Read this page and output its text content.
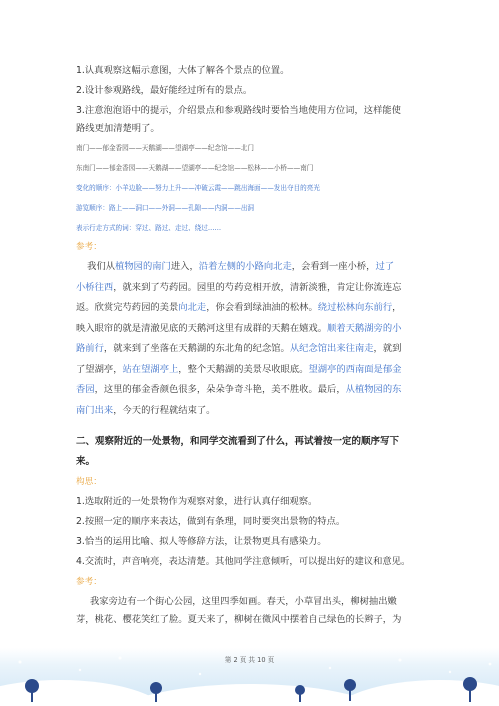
1.认真观察这幅示意图，大体了解各个景点的位置。
2.设计参观路线，最好能经过所有的景点。
3.注意泡泡语中的提示，介绍景点和参观路线时要恰当地使用方位词，这样能使
路线更加清楚明了。
南门——郁金香园——天鹅湖——望湖亭——纪念馆——北门
东南门——郁金香园——天鹅湖——望湖亭——纪念馆——松林——小桥——南门
变化的顺序：小羊边脸——努力上升——冲破云霞——跳出海面——发出夺目的亮光
游览顺序：路上——洞口——外洞——孔隙——内洞——出洞
表示行走方式的词：穿过、路过、走过、绕过……
参考：
我们从植物园的南门进入，沿着左侧的小路向北走，会看到一座小桥，过了
小桥往西，就来到了芍药园。园里的芍药竞相开放，清新淡雅，肯定让你流连忘
返。欣赏完芍药园的美景向北走，你会看到绿油油的松林。绕过松林向东前行，
映入眼帘的就是清澈见底的天鹅河这里有成群的天鹅在嬉戏。顺着天鹅湖旁的小
路前行，就来到了坐落在天鹅湖的东北角的纪念馆。从纪念馆出来往南走，就到
了望湖亭，站在望湖亭上，整个天鹅湖的美景尽收眼底。望湖亭的西南面是郁金
香园，这里的郁金香颜色很多，朵朵争奇斗艳，美不胜收。最后，从植物园的东
南门出来，今天的行程就结束了。
二、观察附近的一处景物，和同学交流看到了什么，再试着按一定的顺序写下
来。
构思：
1.选取附近的一处景物作为观察对象，进行认真仔细观察。
2.按照一定的顺序来表达，做到有条理，同时要突出景物的特点。
3.恰当的运用比喻、拟人等修辞方法，让景物更具有感染力。
4.交流时，声音响亮，表达清楚。其他同学注意倾听，可以提出好的建议和意见。
参考：
我家旁边有一个街心公园，这里四季如画。春天，小草冒出头，柳树抽出嫩
芽，桃花、樱花笑红了脸。夏天来了，柳树在微风中摆着自己绿色的长辫子，为
第 2 页 共 10 页
